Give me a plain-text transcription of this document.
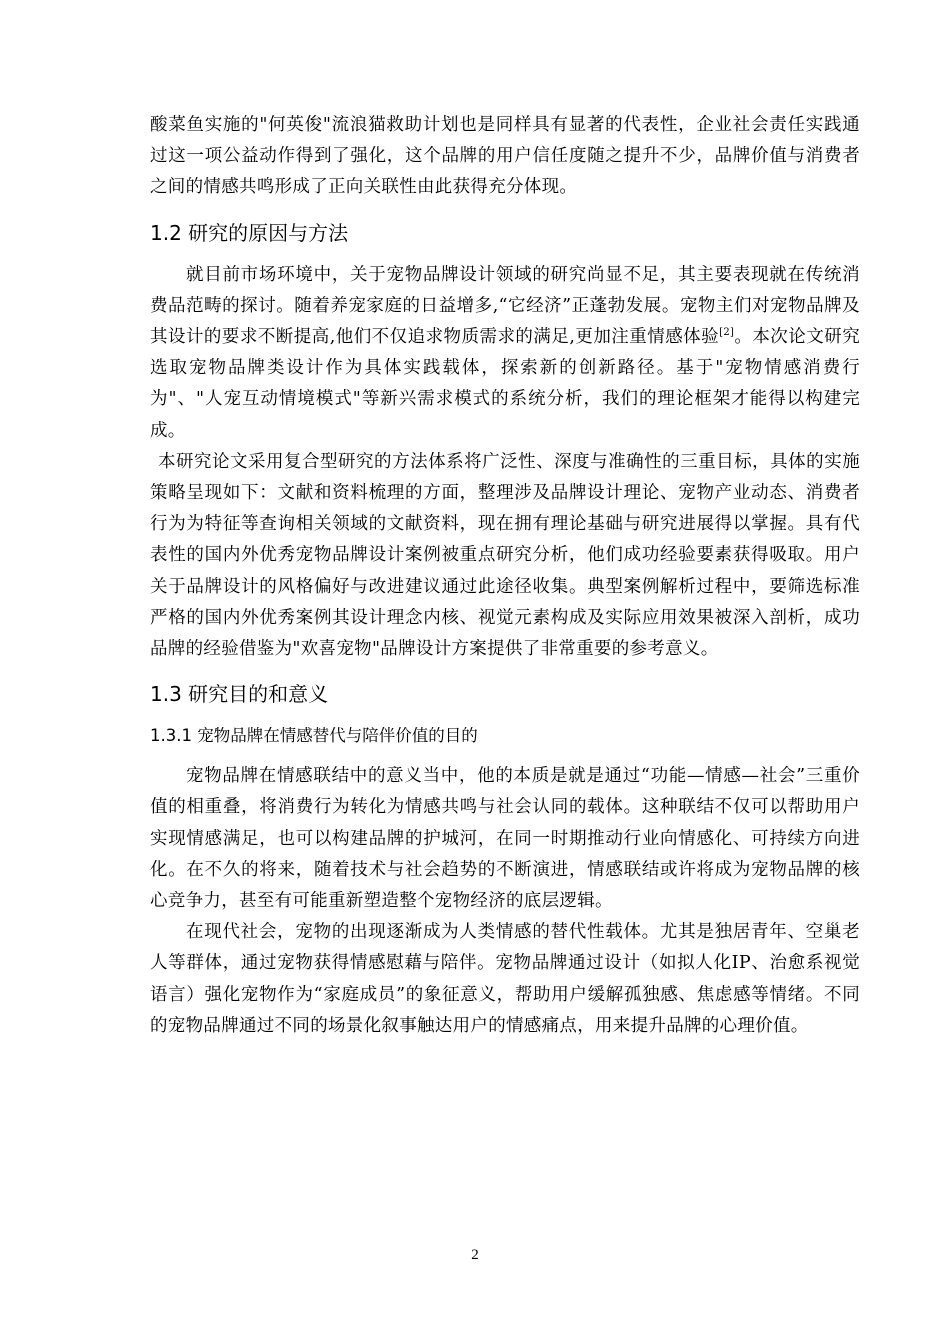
酸菜鱼实施的"何英俊"流浪猫救助计划也是同样具有显著的代表性，企业社会责任实践通过这一项公益动作得到了强化，这个品牌的用户信任度随之提升不少，品牌价值与消费者之间的情感共鸣形成了正向关联性由此获得充分体现。

1.2 研究的原因与方法

就目前市场环境中，关于宠物品牌设计领域的研究尚显不足，其主要表现就在传统消费品范畴的探讨。随着养宠家庭的日益增多,“它经济”正蓬勃发展。宠物主们对宠物品牌及其设计的要求不断提高,他们不仅追求物质需求的满足,更加注重情感体验[2]。本次论文研究选取宠物品牌类设计作为具体实践载体，探索新的创新路径。基于"宠物情感消费行为"、"人宠互动情境模式"等新兴需求模式的系统分析，我们的理论框架才能得以构建完成。

本研究论文采用复合型研究的方法体系将广泛性、深度与准确性的三重目标，具体的实施策略呈现如下：文献和资料梳理的方面，整理涉及品牌设计理论、宠物产业动态、消费者行为为特征等查询相关领域的文献资料，现在拥有理论基础与研究进展得以掌握。具有代表性的国内外优秀宠物品牌设计案例被重点研究分析，他们成功经验要素获得吸取。用户关于品牌设计的风格偏好与改进建议通过此途径收集。典型案例解析过程中，要筛选标准严格的国内外优秀案例其设计理念内核、视觉元素构成及实际应用效果被深入剖析，成功品牌的经验借鉴为"欢喜宠物"品牌设计方案提供了非常重要的参考意义。

1.3 研究目的和意义
1.3.1 宠物品牌在情感替代与陪伴价值的目的

宠物品牌在情感联结中的意义当中，他的本质是就是通过“功能—情感—社会”三重价值的相重叠，将消费行为转化为情感共鸣与社会认同的载体。这种联结不仅可以帮助用户实现情感满足，也可以构建品牌的护城河，在同一时期推动行业向情感化、可持续方向进化。在不久的将来，随着技术与社会趋势的不断演进，情感联结或许将成为宠物品牌的核心竞争力，甚至有可能重新塑造整个宠物经济的底层逻辑。

在现代社会，宠物的出现逐渐成为人类情感的替代性载体。尤其是独居青年、空巢老人等群体，通过宠物获得情感慰藉与陪伴。宠物品牌通过设计（如拟人化IP、治愈系视觉语言）强化宠物作为“家庭成员”的象征意义，帮助用户缓解孤独感、焦虑感等情绪。不同的宠物品牌通过不同的场景化叙事触达用户的情感痛点，用来提升品牌的心理价值。

2
